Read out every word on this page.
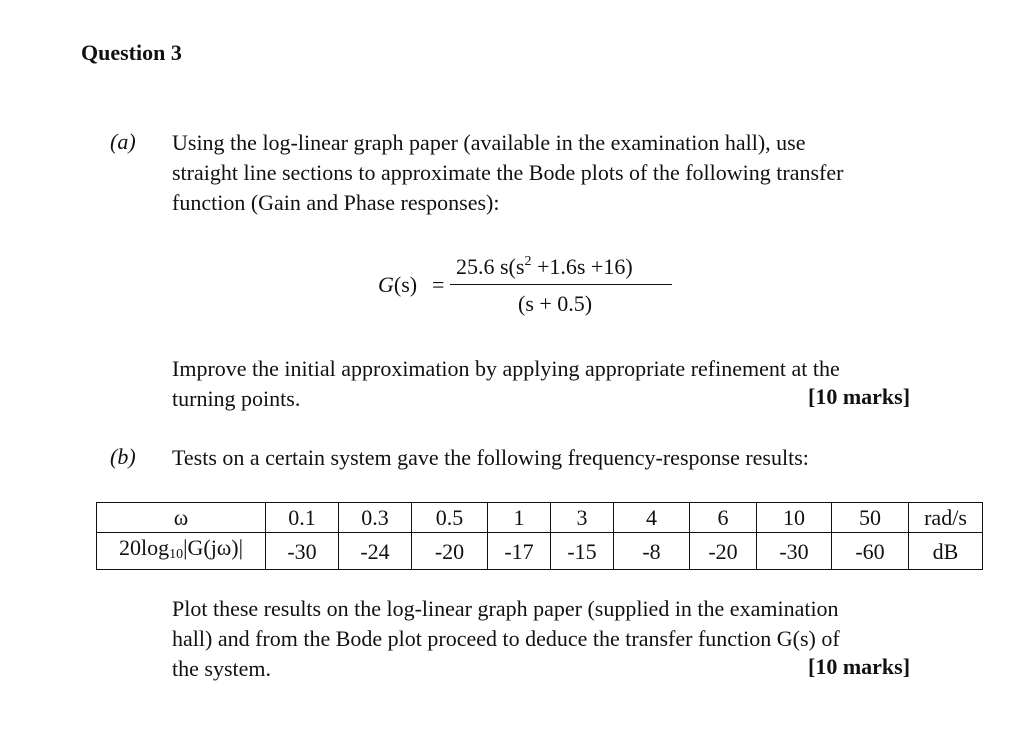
Question 3
(a) Using the log-linear graph paper (available in the examination hall), use
straight line sections to approximate the Bode plots of the following transfer
function (Gain and Phase responses):
G(s) =
25.6 $s(s^2 +1.6s +16)$
(s + 0.5)
Improve the initial approximation by applying appropriate refinement at the
turning points.	[10 marks]
(b) Tests on a certain system gave the following frequency-response results:
ω	0.1	0.3	0.5	1	3	4	6	10	50	rad/s
$20\log_{10}|G(j\omega)|$	-30	-24	-20	-17	-15	-8	-20	-30	-60	dB
Plot these results on the log-linear graph paper (supplied in the examination
hall) and from the Bode plot proceed to deduce the transfer function G(s) of
the system.	[10 marks]
